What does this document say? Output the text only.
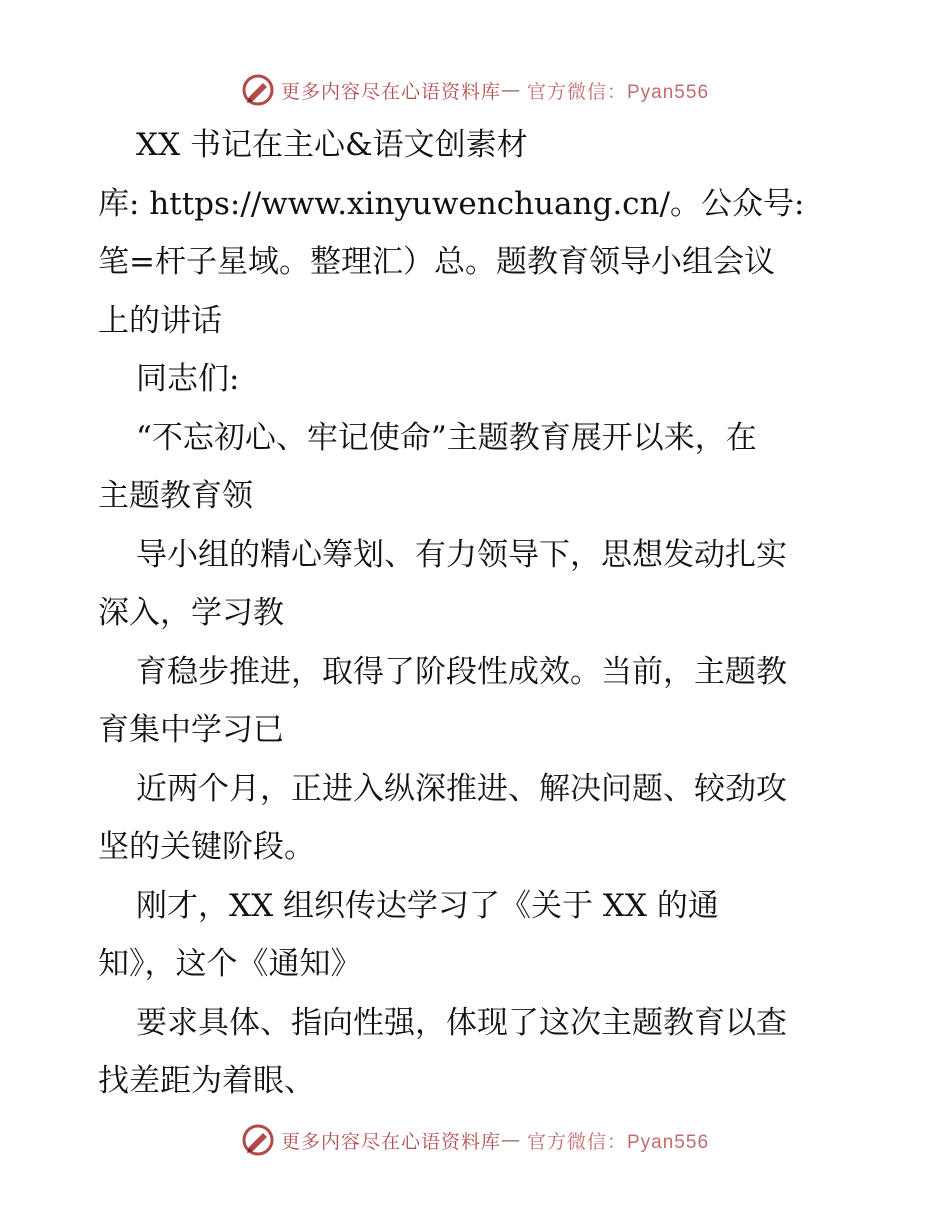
更多内容尽在心语资料库 — 官方微信：Pyan556
XX 书记在主心&语文创素材
库: https://www.xinyuwenchuang.cn/。公众号:
笔=杆子星域。整理汇）总。题教育领导小组会议
上的讲话
同志们:
“不忘初心、牢记使命”主题教育展开以来，在
主题教育领
导小组的精心筹划、有力领导下，思想发动扎实
深入，学习教
育稳步推进，取得了阶段性成效。当前，主题教
育集中学习已
近两个月，正进入纵深推进、解决问题、较劲攻
坚的关键阶段。
刚才，XX 组织传达学习了《关于 XX 的通
知》，这个《通知》
要求具体、指向性强，体现了这次主题教育以查
找差距为着眼、
更多内容尽在心语资料库 — 官方微信：Pyan556
